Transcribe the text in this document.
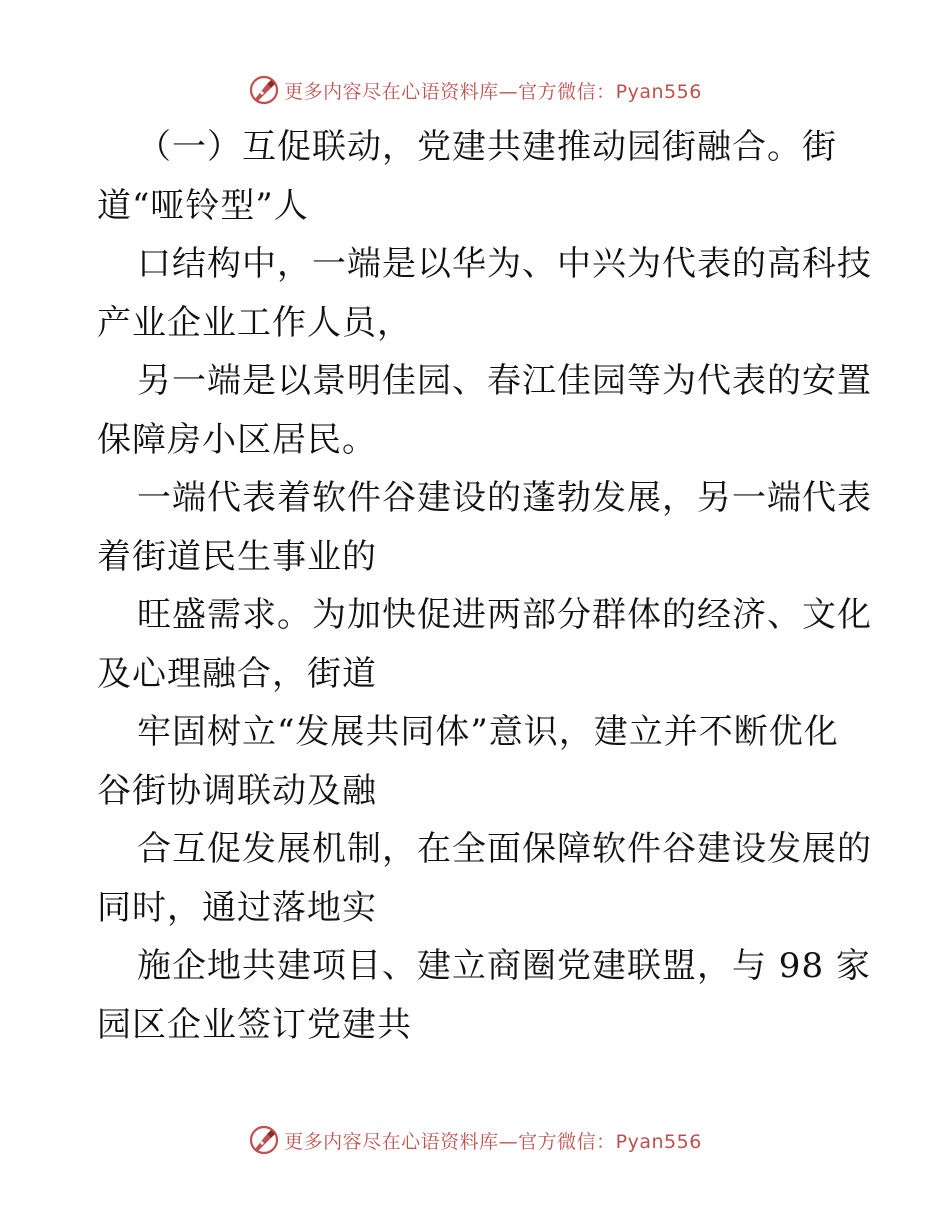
更多内容尽在心语资料库—官方微信：Pyan556

（一）互促联动，党建共建推动园街融合。街

道“哑铃型”人

口结构中，一端是以华为、中兴为代表的高科技

产业企业工作人员，

另一端是以景明佳园、春江佳园等为代表的安置

保障房小区居民。

一端代表着软件谷建设的蓬勃发展，另一端代表

着街道民生事业的

旺盛需求。为加快促进两部分群体的经济、文化

及心理融合，街道

牢固树立“发展共同体”意识，建立并不断优化

谷街协调联动及融

合互促发展机制，在全面保障软件谷建设发展的

同时，通过落地实

施企地共建项目、建立商圈党建联盟，与 98 家

园区企业签订党建共

更多内容尽在心语资料库—官方微信：Pyan556
